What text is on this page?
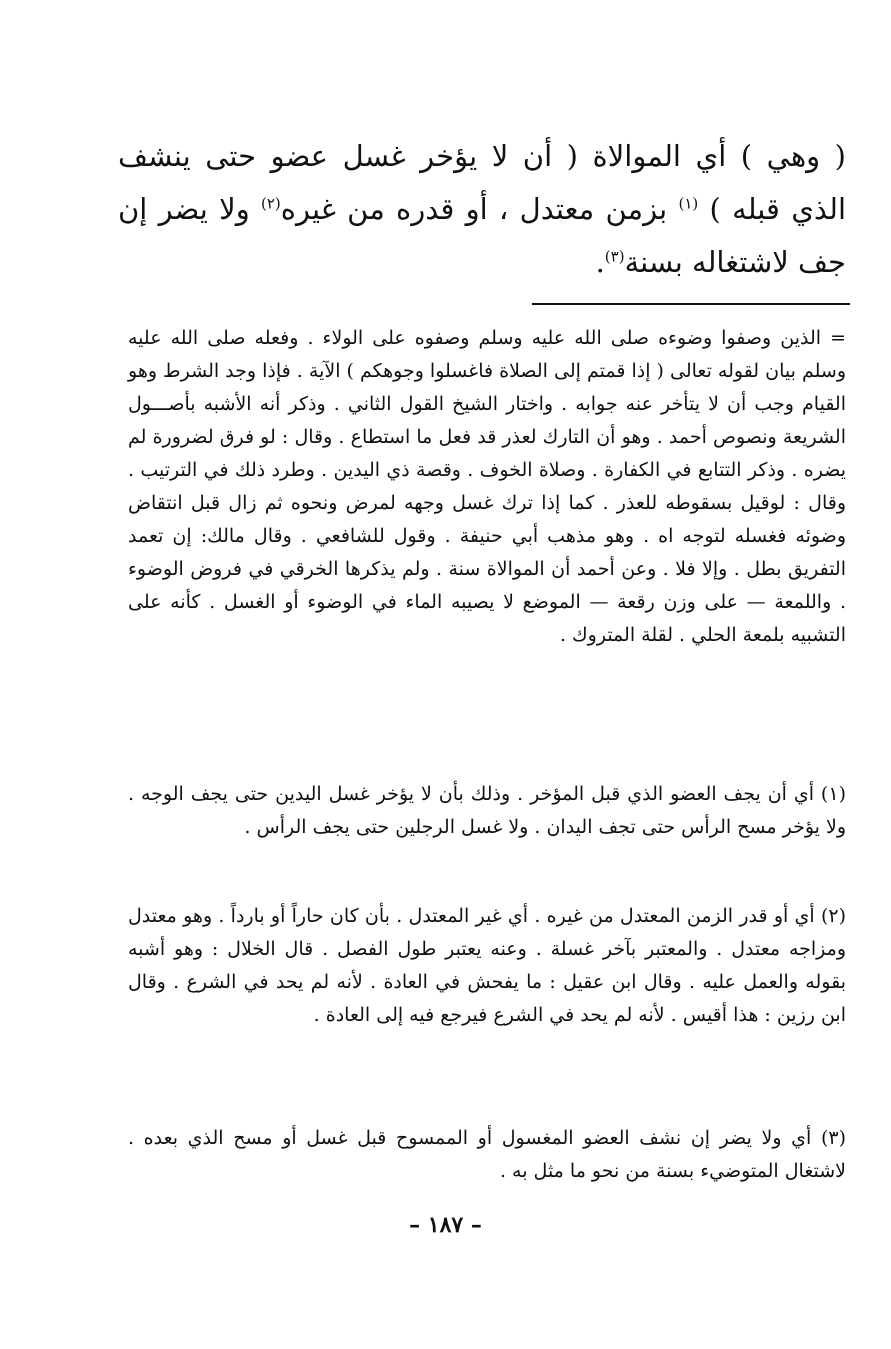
( وهي ) أي الموالاة ( أن لا يؤخر غسل عضو حتى ينشف الذي قبله ) $^{(١)}$ بزمن معتدل ، أو قدره من غيره$^{(٢)}$ ولا يضر إن جف لاشتغاله بسنة$^{(٣)}$.

= الذين وصفوا وضوءه صلى الله عليه وسلم وصفوه على الولاء . وفعله صلى الله عليه وسلم بيان لقوله تعالى ( إذا قمتم إلى الصلاة فاغسلوا وجوهكم ) الآية . فإذا وجد الشرط وهو القيام وجب أن لا يتأخر عنه جوابه . واختار الشيخ القول الثاني . وذكر أنه الأشبه بأصـــول الشريعة ونصوص أحمد . وهو أن التارك لعذر قد فعل ما استطاع . وقال : لو فرق لضرورة لم يضره . وذكر التتابع في الكفارة . وصلاة الخوف . وقصة ذي اليدين . وطرد ذلك في الترتيب . وقال : لوقيل بسقوطه للعذر . كما إذا ترك غسل وجهه لمرض ونحوه ثم زال قبل انتقاض وضوئه فغسله لتوجه اه . وهو مذهب أبي حنيفة . وقول للشافعي . وقال مالك: إن تعمد التفريق بطل . وإلا فلا . وعن أحمد أن الموالاة سنة . ولم يذكرها الخرقي في فروض الوضوء . واللمعة — على وزن رقعة — الموضع لا يصيبه الماء في الوضوء أو الغسل . كأنه على التشبيه بلمعة الحلي . لقلة المتروك .

(١) أي أن يجف العضو الذي قبل المؤخر . وذلك بأن لا يؤخر غسل اليدين حتى يجف الوجه . ولا يؤخر مسح الرأس حتى تجف اليدان . ولا غسل الرجلين حتى يجف الرأس .

(٢) أي أو قدر الزمن المعتدل من غيره . أي غير المعتدل . بأن كان حاراً أو بارداً . وهو معتدل ومزاجه معتدل . والمعتبر بآخر غسلة . وعنه يعتبر طول الفصل . قال الخلال : وهو أشبه بقوله والعمل عليه . وقال ابن عقيل : ما يفحش في العادة . لأنه لم يحد في الشرع . وقال ابن رزين : هذا أقيس . لأنه لم يحد في الشرع فيرجع فيه إلى العادة .

(٣) أي ولا يضر إن نشف العضو المغسول أو الممسوح قبل غسل أو مسح الذي بعده . لاشتغال المتوضيء بسنة من نحو ما مثل به .

– ١٨٧ –
